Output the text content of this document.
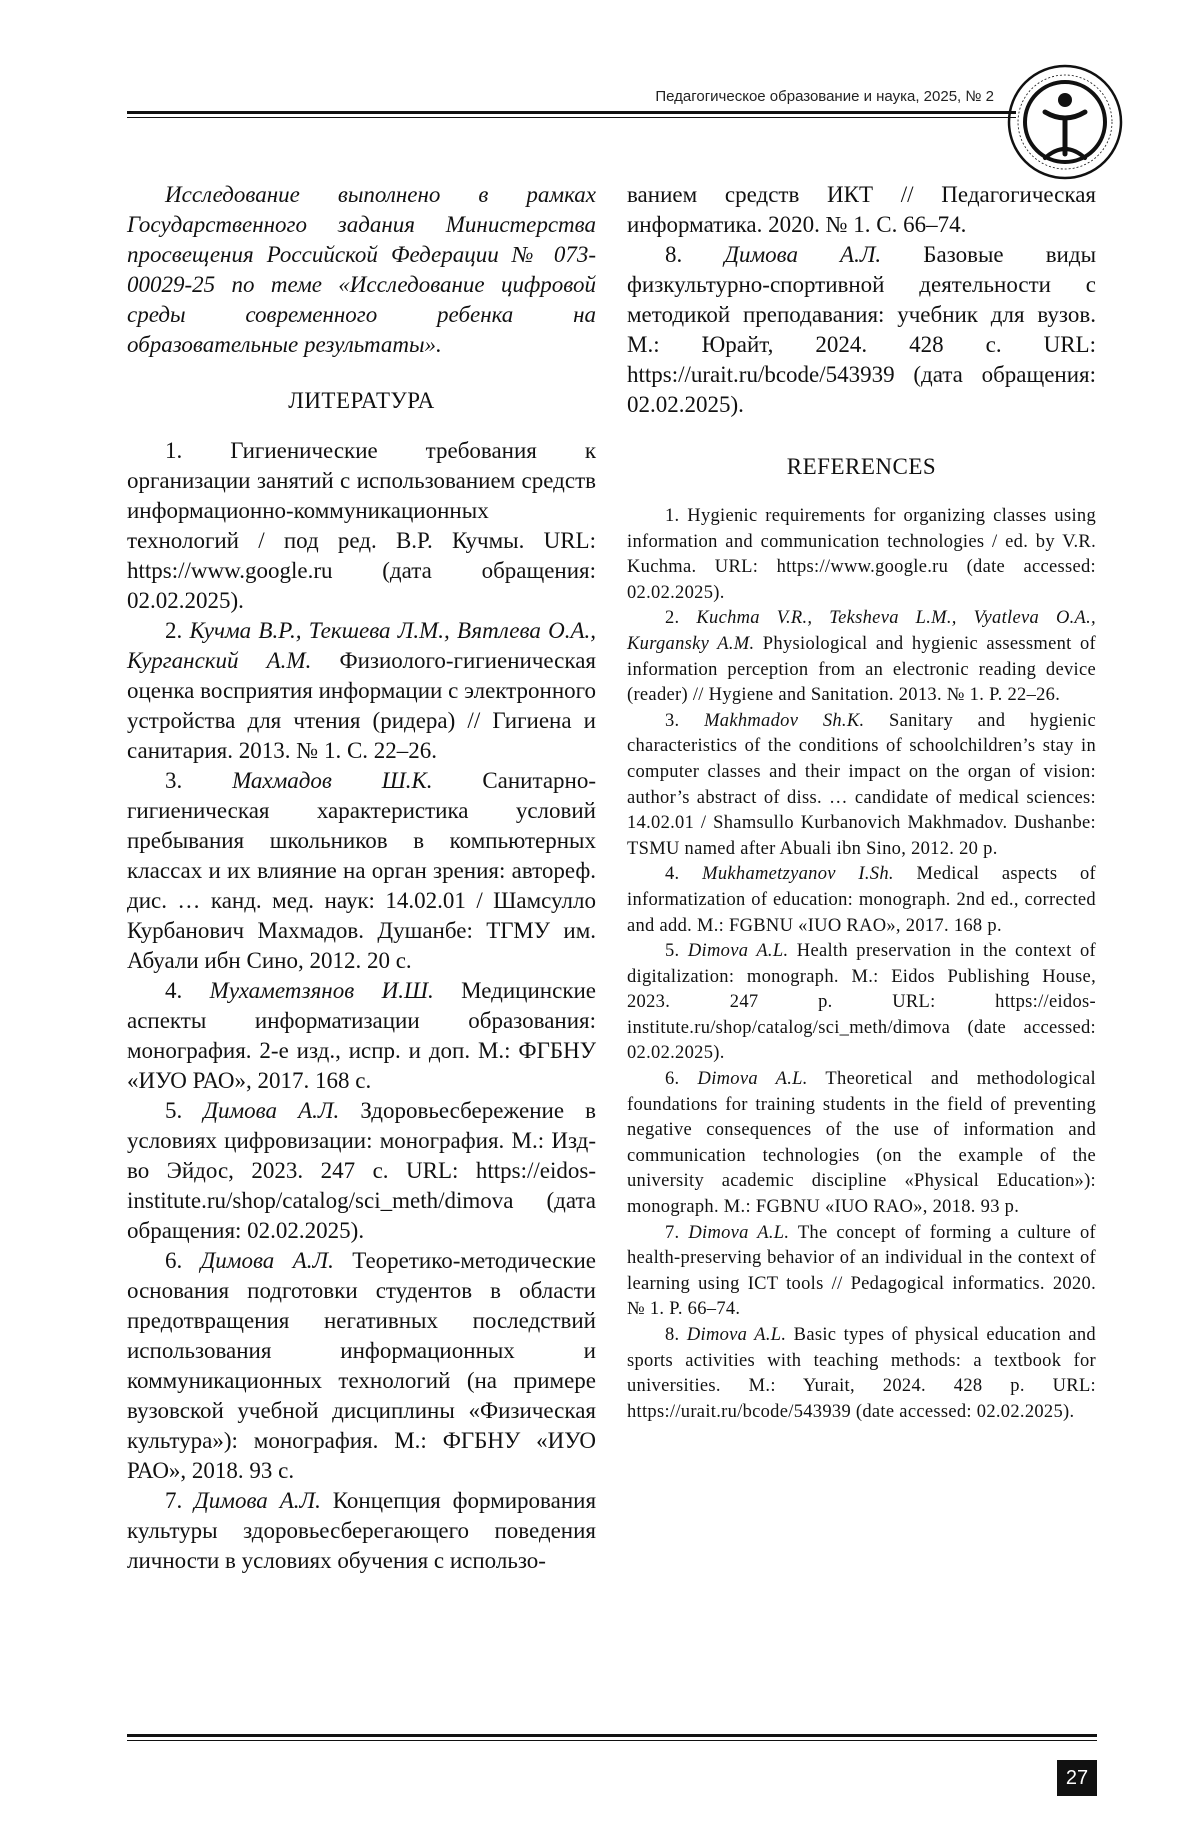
Педагогическое образование и наука, 2025, № 2

Исследование выполнено в рамках Государственного задания Министерства просвещения Российской Федерации № 073-00029-25 по теме «Исследование цифровой среды современного ребенка на образовательные результаты».

ЛИТЕРАТУРА

1. Гигиенические требования к организации занятий с использованием средств информационно-коммуникационных технологий / под ред. В.Р. Кучмы. URL: https://www.google.ru (дата обращения: 02.02.2025).

2. Кучма В.Р., Текшева Л.М., Вятлева О.А., Курганский А.М. Физиолого-гигиеническая оценка восприятия информации с электронного устройства для чтения (ридера) // Гигиена и санитария. 2013. № 1. С. 22–26.

3. Махмадов Ш.К. Санитарно-гигиеническая характеристика условий пребывания школьников в компьютерных классах и их влияние на орган зрения: автореф. дис. … канд. мед. наук: 14.02.01 / Шамсулло Курбанович Махмадов. Душанбе: ТГМУ им. Абуали ибн Сино, 2012. 20 с.

4. Мухаметзянов И.Ш. Медицинские аспекты информатизации образования: монография. 2-е изд., испр. и доп. М.: ФГБНУ «ИУО РАО», 2017. 168 с.

5. Димова А.Л. Здоровьесбережение в условиях цифровизации: монография. М.: Изд-во Эйдос, 2023. 247 с. URL: https://eidos-institute.ru/shop/catalog/sci_meth/dimova (дата обращения: 02.02.2025).

6. Димова А.Л. Теоретико-методические основания подготовки студентов в области предотвращения негативных последствий использования информационных и коммуникационных технологий (на примере вузовской учебной дисциплины «Физическая культура»): монография. М.: ФГБНУ «ИУО РАО», 2018. 93 с.

7. Димова А.Л. Концепция формирования культуры здоровьесберегающего поведения личности в условиях обучения с использо-

ванием средств ИКТ // Педагогическая информатика. 2020. № 1. С. 66–74.

8. Димова А.Л. Базовые виды физкультурно-спортивной деятельности с методикой преподавания: учебник для вузов. М.: Юрайт, 2024. 428 с. URL: https://urait.ru/bcode/543939 (дата обращения: 02.02.2025).

REFERENCES

1. Hygienic requirements for organizing classes using information and communication technologies / ed. by V.R. Kuchma. URL: https://www.google.ru (date accessed: 02.02.2025).

2. Kuchma V.R., Teksheva L.M., Vyatleva O.A., Kurgansky A.M. Physiological and hygienic assessment of information perception from an electronic reading device (reader) // Hygiene and Sanitation. 2013. № 1. P. 22–26.

3. Makhmadov Sh.K. Sanitary and hygienic characteristics of the conditions of schoolchildren’s stay in computer classes and their impact on the organ of vision: author’s abstract of diss. … candidate of medical sciences: 14.02.01 / Shamsullo Kurbanovich Makhmadov. Dushanbe: TSMU named after Abuali ibn Sino, 2012. 20 p.

4. Mukhametzyanov I.Sh. Medical aspects of informatization of education: monograph. 2nd ed., corrected and add. M.: FGBNU «IUO RAO», 2017. 168 p.

5. Dimova A.L. Health preservation in the context of digitalization: monograph. M.: Eidos Publishing House, 2023. 247 p. URL: https://eidos-institute.ru/shop/catalog/sci_meth/dimova (date accessed: 02.02.2025).

6. Dimova A.L. Theoretical and methodological foundations for training students in the field of preventing negative consequences of the use of information and communication technologies (on the example of the university academic discipline «Physical Education»): monograph. M.: FGBNU «IUO RAO», 2018. 93 p.

7. Dimova A.L. The concept of forming a culture of health-preserving behavior of an individual in the context of learning using ICT tools // Pedagogical informatics. 2020. № 1. P. 66–74.

8. Dimova A.L. Basic types of physical education and sports activities with teaching methods: a textbook for universities. M.: Yurait, 2024. 428 p. URL: https://urait.ru/bcode/543939 (date accessed: 02.02.2025).

27
